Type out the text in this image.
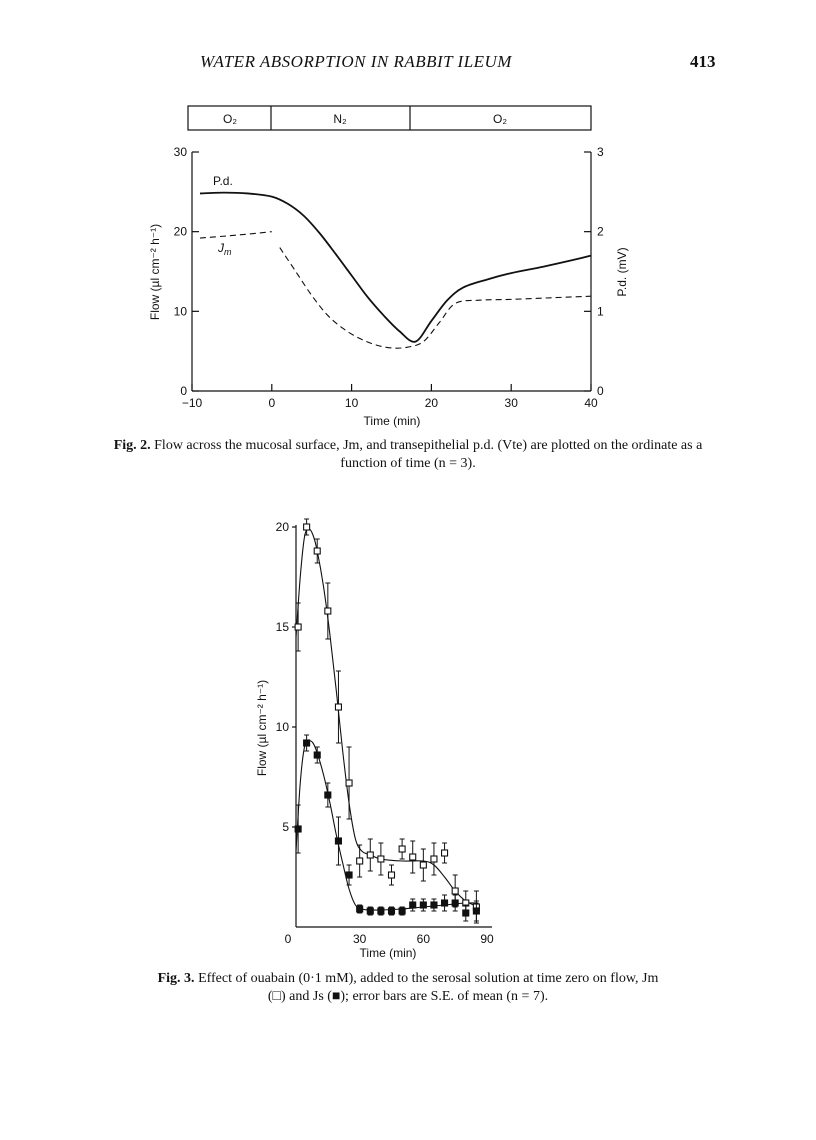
WATER ABSORPTION IN RABBIT ILEUM	413
O₂	N₂	O₂
−10	0	10	20	30	40
0
10
20
30
0
1
2
3
P.d.
$J_m$
Time (min)
Flow (µl cm⁻² h⁻¹)	P.d. (mV)
Fig. 2. Flow across the mucosal surface, Jm, and transepithelial p.d. (Vte) are plotted on the ordinate as a function of time (n = 3).
0	30	60	90
5
10
15
20
Time (min)
Flow (µl cm⁻² h⁻¹)
Fig. 3. Effect of ouabain (0·1 mM), added to the serosal solution at time zero on flow, Jm
(□) and Js (■); error bars are S.E. of mean (n = 7).
